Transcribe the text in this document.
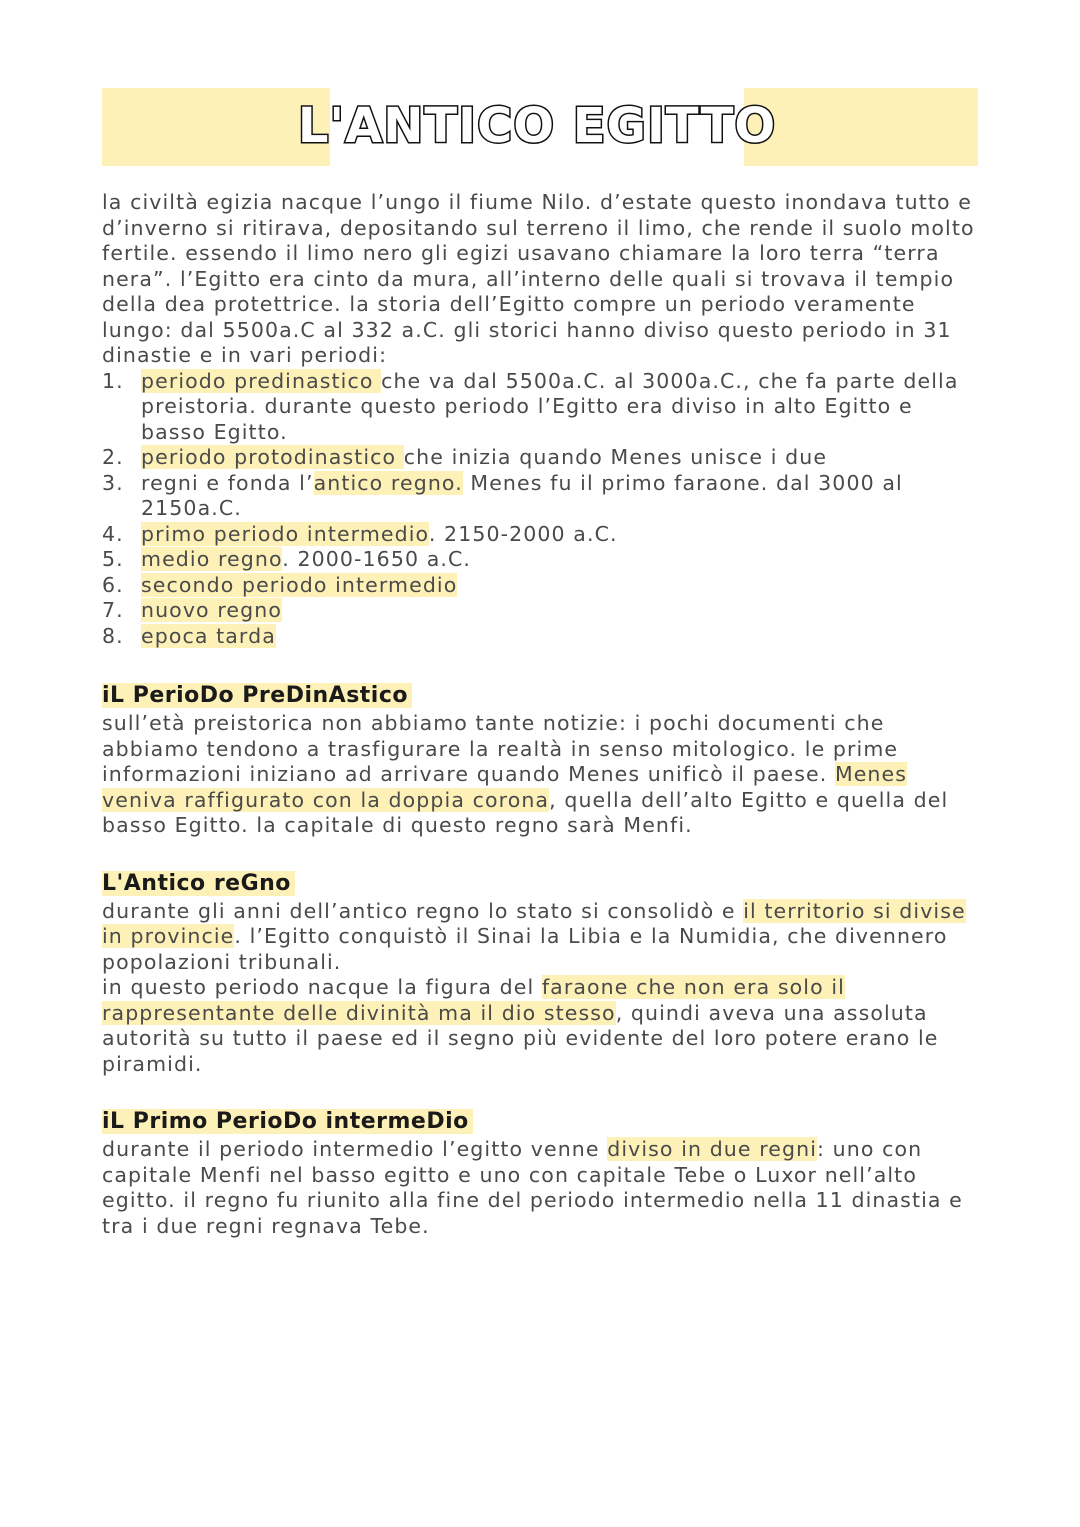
L'ANTICO EGITTO

la civiltà egizia nacque l’ungo il fiume Nilo. d’estate questo inondava tutto e d’inverno si ritirava, depositando sul terreno il limo, che rende il suolo molto fertile. essendo il limo nero gli egizi usavano chiamare la loro terra “terra nera”. l’Egitto era cinto da mura, all’interno delle quali si trovava il tempio della dea protettrice. la storia dell’Egitto compre un periodo veramente lungo: dal 5500a.C al 332 a.C. gli storici hanno diviso questo periodo in 31 dinastie e in vari periodi:

1. periodo predinastico che va dal 5500a.C. al 3000a.C., che fa parte della preistoria. durante questo periodo l’Egitto era diviso in alto Egitto e basso Egitto.
2. periodo protodinastico che inizia quando Menes unisce i due
3. regni e fonda l’antico regno. Menes fu il primo faraone. dal 3000 al 2150a.C.
4. primo periodo intermedio. 2150-2000 a.C.
5. medio regno. 2000-1650 a.C.
6. secondo periodo intermedio
7. nuovo regno
8. epoca tarda
iL PerioDo PreDinAstico

sull’età preistorica non abbiamo tante notizie: i pochi documenti che abbiamo tendono a trasfigurare la realtà in senso mitologico. le prime informazioni iniziano ad arrivare quando Menes unificò il paese. Menes veniva raffigurato con la doppia corona, quella dell’alto Egitto e quella del basso Egitto. la capitale di questo regno sarà Menfi.

L'Antico reGno

durante gli anni dell’antico regno lo stato si consolidò e il territorio si divise in provincie. l’Egitto conquistò il Sinai la Libia e la Numidia, che divennero popolazioni tribunali.

in questo periodo nacque la figura del faraone che non era solo il rappresentante delle divinità ma il dio stesso, quindi aveva una assoluta autorità su tutto il paese ed il segno più evidente del loro potere erano le piramidi.

iL Primo PerioDo intermeDio

durante il periodo intermedio l’egitto venne diviso in due regni: uno con capitale Menfi nel basso egitto e uno con capitale Tebe o Luxor nell’alto egitto. il regno fu riunito alla fine del periodo intermedio nella 11 dinastia e tra i due regni regnava Tebe.
